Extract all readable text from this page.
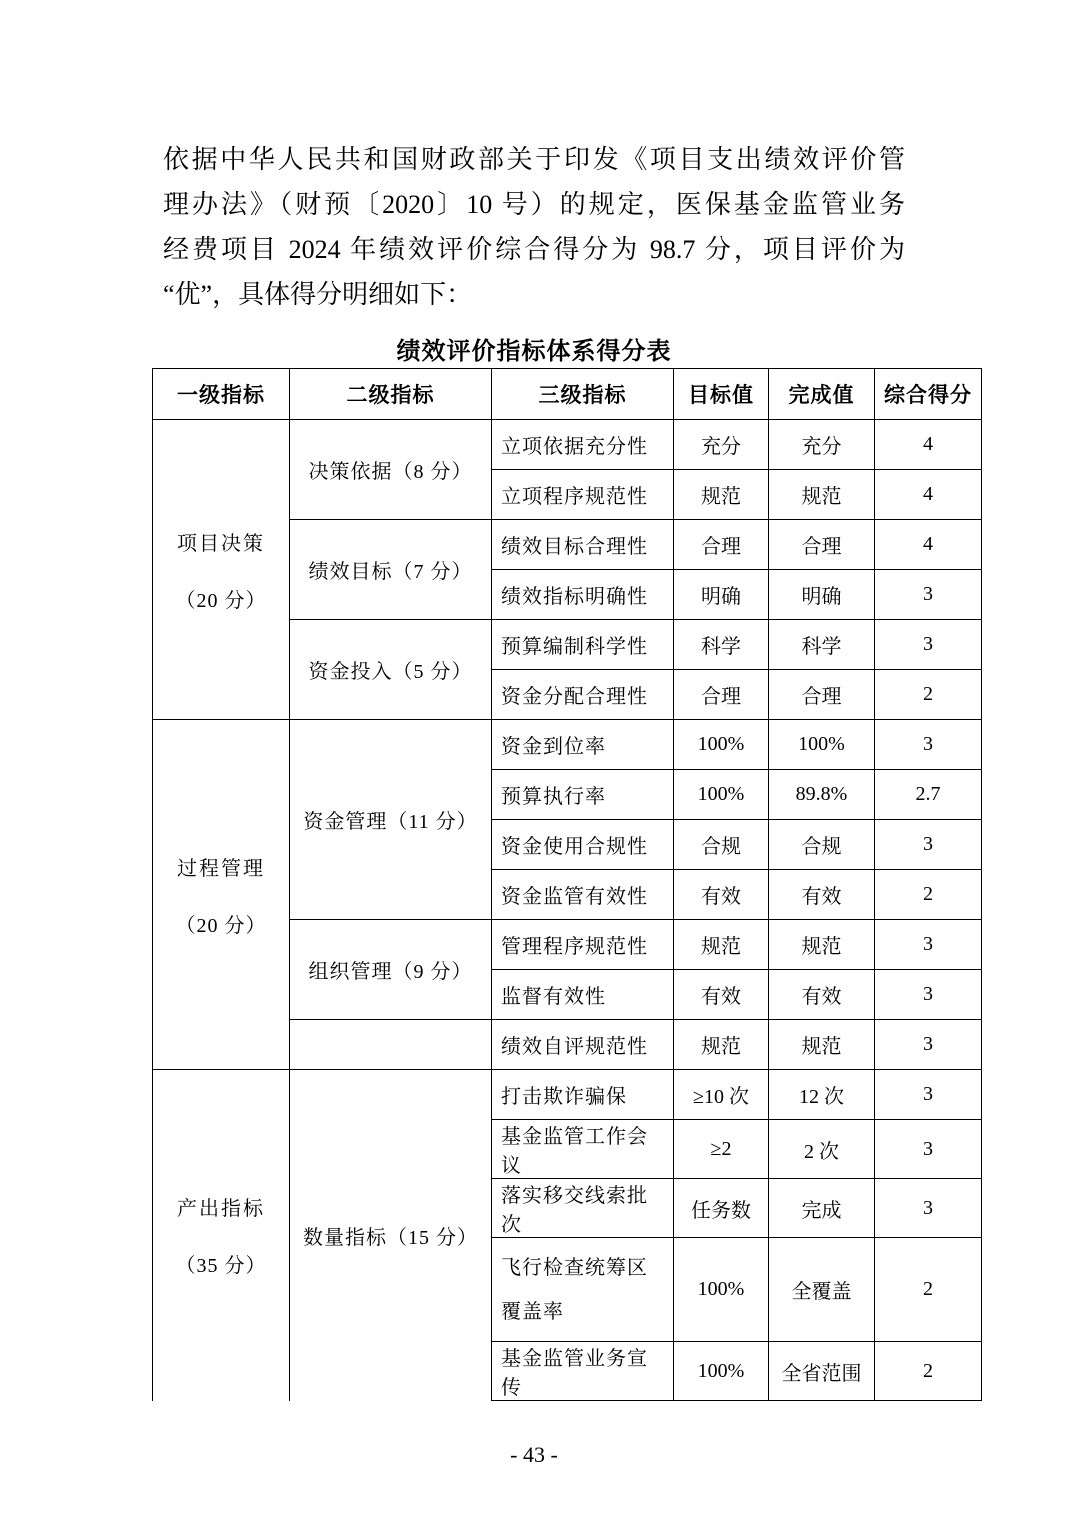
依据中华人民共和国财政部关于印发《项目支出绩效评价管
理办法》（财预〔2020〕10 号）的规定，医保基金监管业务
经费项目 2024 年绩效评价综合得分为 98.7 分，项目评价为
“优”，具体得分明细如下：
绩效评价指标体系得分表
一级指标	二级指标	三级指标	目标值	完成值	综合得分

项目决策
（20 分）	决策依据（8 分）	立项依据充分性	充分	充分	4
		立项程序规范性	规范	规范	4
	绩效目标（7 分）	绩效目标合理性	合理	合理	4
		绩效指标明确性	明确	明确	3
	资金投入（5 分）	预算编制科学性	科学	科学	3
		资金分配合理性	合理	合理	2

过程管理
（20 分）	资金管理（11 分）	资金到位率	100%	100%	3
		预算执行率	100%	89.8%	2.7
		资金使用合规性	合规	合规	3
		资金监管有效性	有效	有效	2
	组织管理（9 分）	管理程序规范性	规范	规范	3
		监督有效性	有效	有效	3
		绩效自评规范性	规范	规范	3

产出指标
（35 分）	数量指标（15 分）	打击欺诈骗保	≥10 次	12 次	3
		基金监管工作会议	≥2	2 次	3
		落实移交线索批次	任务数	完成	3
		飞行检查统筹区覆盖率	100%	全覆盖	2
		基金监管业务宣传	100%	全省范围	2
- 43 -
